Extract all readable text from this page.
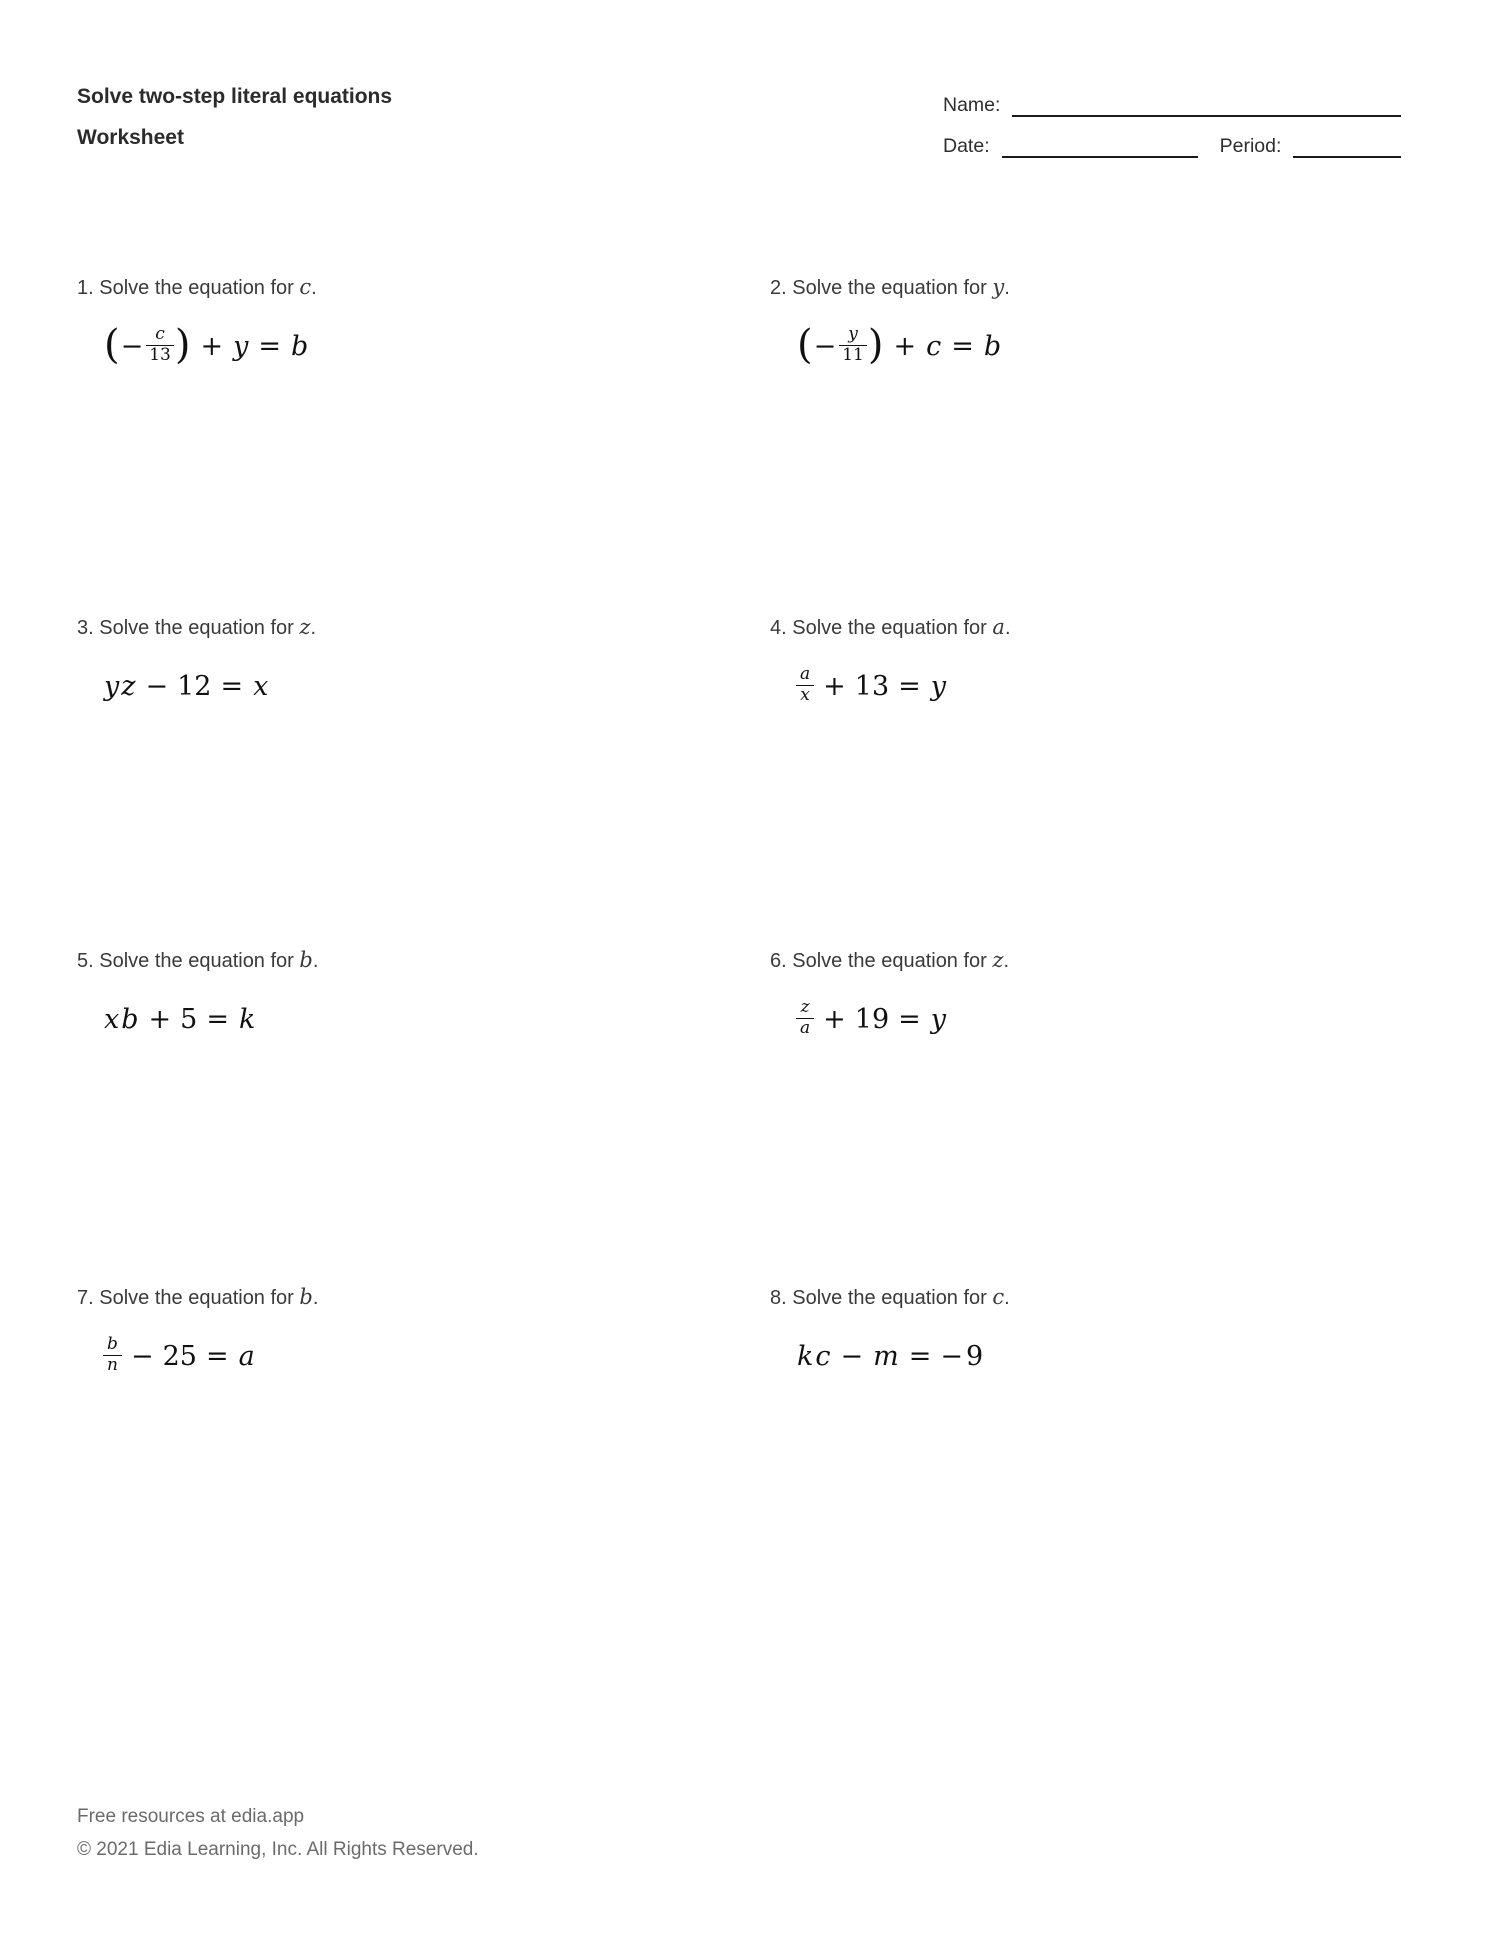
Solve two-step literal equations
Worksheet
Name:
Date:	Period:
1. Solve the equation for c.
(− $\frac{c}{13}$ ) + y = b
2. Solve the equation for y.
(− $\frac{y}{11}$ ) + c = b
3. Solve the equation for z.
yz − 12 = x
4. Solve the equation for a.
$\frac{a}{x} + 13 = y$
5. Solve the equation for b.
xb + 5 = k
6. Solve the equation for z.
$\frac{z}{a} + 19 = y$
7. Solve the equation for b.
$\frac{b}{n} - 25 = a$
8. Solve the equation for c.
kc − m = − 9
Free resources at edia.app
© 2021 Edia Learning, Inc. All Rights Reserved.
